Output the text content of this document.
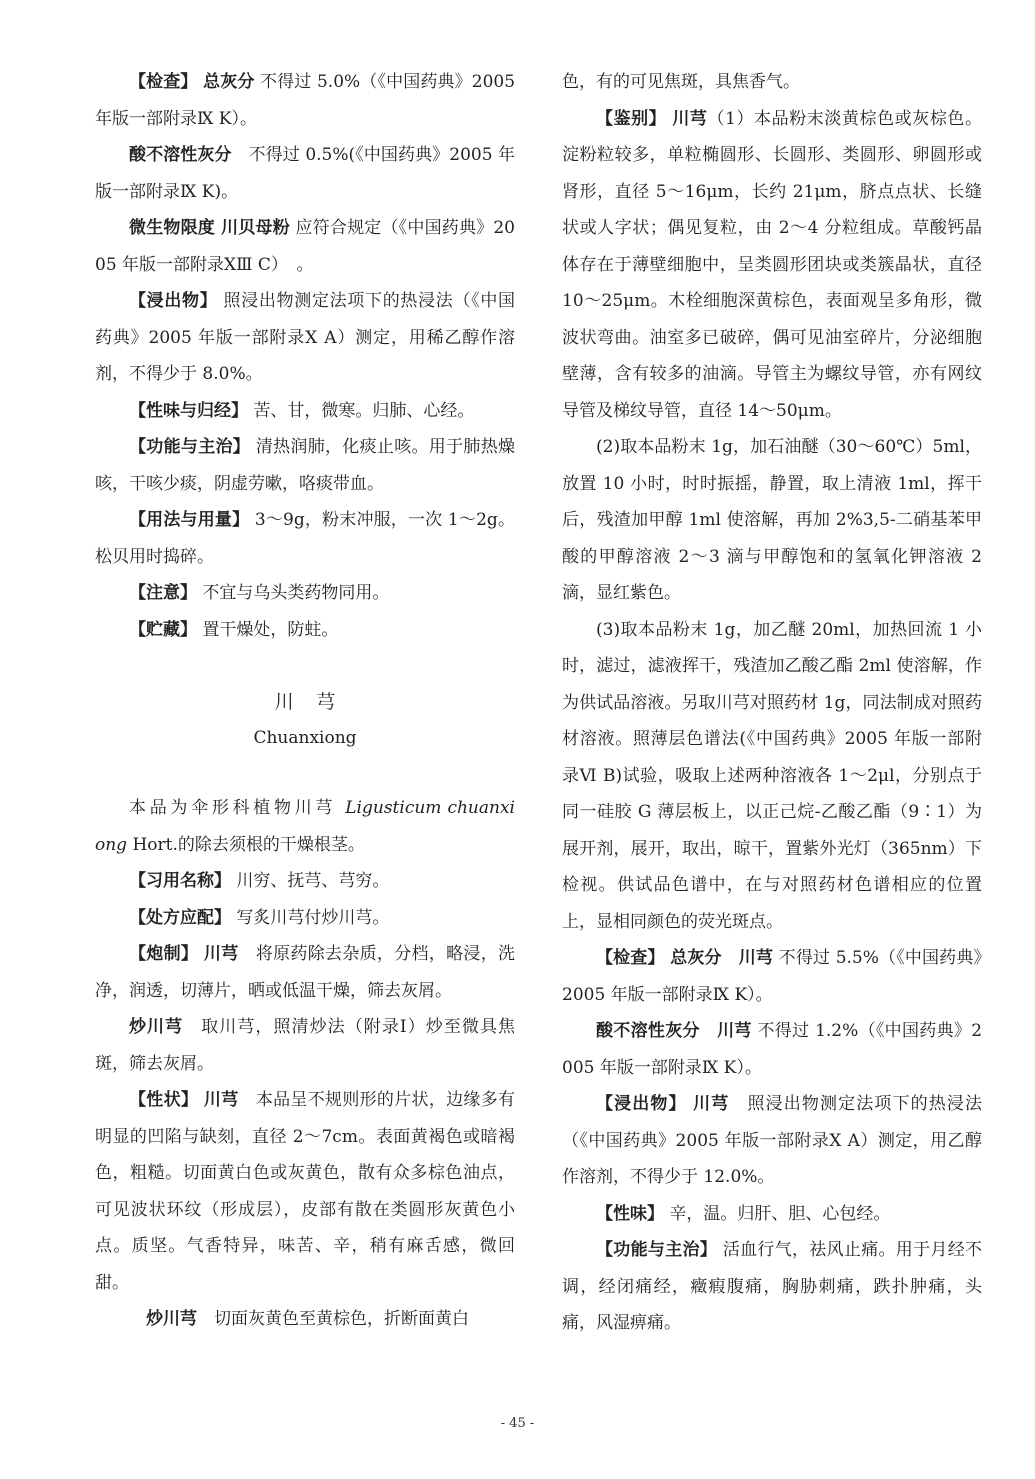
【检查】 总灰分 不得过 5.0%（《中国药典》2005年版一部附录Ⅸ K）。

酸不溶性灰分　不得过 0.5%(《中国药典》2005 年版一部附录Ⅸ K)。

微生物限度 川贝母粉 应符合规定（《中国药典》2005 年版一部附录ⅩⅢ C）　。

【浸出物】 照浸出物测定法项下的热浸法（《中国药典》2005 年版一部附录Ⅹ A）测定，用稀乙醇作溶剂，不得少于 8.0%。

【性味与归经】 苦、甘，微寒。归肺、心经。

【功能与主治】 清热润肺，化痰止咳。用于肺热燥咳，干咳少痰，阴虚劳嗽，咯痰带血。

【用法与用量】 3～9g，粉末冲服，一次 1～2g。松贝用时捣碎。

【注意】 不宜与乌头类药物同用。

【贮藏】 置干燥处，防蛀。

川芎
Chuanxiong

本品为伞形科植物川芎 Ligusticum chuanxiong Hort.的除去须根的干燥根茎。

【习用名称】 川穷、抚芎、芎穷。

【处方应配】 写炙川芎付炒川芎。

【炮制】 川芎　将原药除去杂质，分档，略浸，洗净，润透，切薄片，晒或低温干燥，筛去灰屑。

炒川芎　取川芎，照清炒法（附录Ⅰ）炒至微具焦斑，筛去灰屑。

【性状】 川芎　本品呈不规则形的片状，边缘多有明显的凹陷与缺刻，直径 2～7cm。表面黄褐色或暗褐色，粗糙。切面黄白色或灰黄色，散有众多棕色油点，可见波状环纹（形成层），皮部有散在类圆形灰黄色小点。质坚。气香特异，味苦、辛，稍有麻舌感，微回甜。

炒川芎　切面灰黄色至黄棕色，折断面黄白

色，有的可见焦斑，具焦香气。

【鉴别】 川芎（1）本品粉末淡黄棕色或灰棕色。淀粉粒较多，单粒椭圆形、长圆形、类圆形、卵圆形或肾形，直径 5～16μm，长约 21μm，脐点点状、长缝状或人字状；偶见复粒，由 2～4 分粒组成。草酸钙晶体存在于薄壁细胞中，呈类圆形团块或类簇晶状，直径 10～25μm。木栓细胞深黄棕色，表面观呈多角形，微波状弯曲。油室多已破碎，偶可见油室碎片，分泌细胞壁薄，含有较多的油滴。导管主为螺纹导管，亦有网纹导管及梯纹导管，直径 14～50μm。

(2)取本品粉末 1g，加石油醚（30～60℃）5ml，放置 10 小时，时时振摇，静置，取上清液 1ml，挥干后，残渣加甲醇 1ml 使溶解，再加 2%3,5-二硝基苯甲酸的甲醇溶液 2～3 滴与甲醇饱和的氢氧化钾溶液 2 滴，显红紫色。

(3)取本品粉末 1g，加乙醚 20ml，加热回流 1 小时，滤过，滤液挥干，残渣加乙酸乙酯 2ml 使溶解，作为供试品溶液。另取川芎对照药材 1g，同法制成对照药材溶液。照薄层色谱法(《中国药典》2005 年版一部附录Ⅵ B)试验，吸取上述两种溶液各 1～2μl，分别点于同一硅胶 G 薄层板上，以正己烷-乙酸乙酯（9∶1）为展开剂，展开，取出，晾干，置紫外光灯（365nm）下检视。供试品色谱中，在与对照药材色谱相应的位置上，显相同颜色的荧光斑点。

【检查】 总灰分　川芎 不得过 5.5%（《中国药典》2005 年版一部附录Ⅸ K）。

酸不溶性灰分　川芎 不得过 1.2%（《中国药典》2005 年版一部附录Ⅸ K）。

【浸出物】 川芎　照浸出物测定法项下的热浸法（《中国药典》2005 年版一部附录Ⅹ A）测定，用乙醇作溶剂，不得少于 12.0%。

【性味】 辛，温。归肝、胆、心包经。

【功能与主治】 活血行气，祛风止痛。用于月经不调，经闭痛经，癥瘕腹痛，胸胁刺痛，跌扑肿痛，头痛，风湿痹痛。

- 45 -
